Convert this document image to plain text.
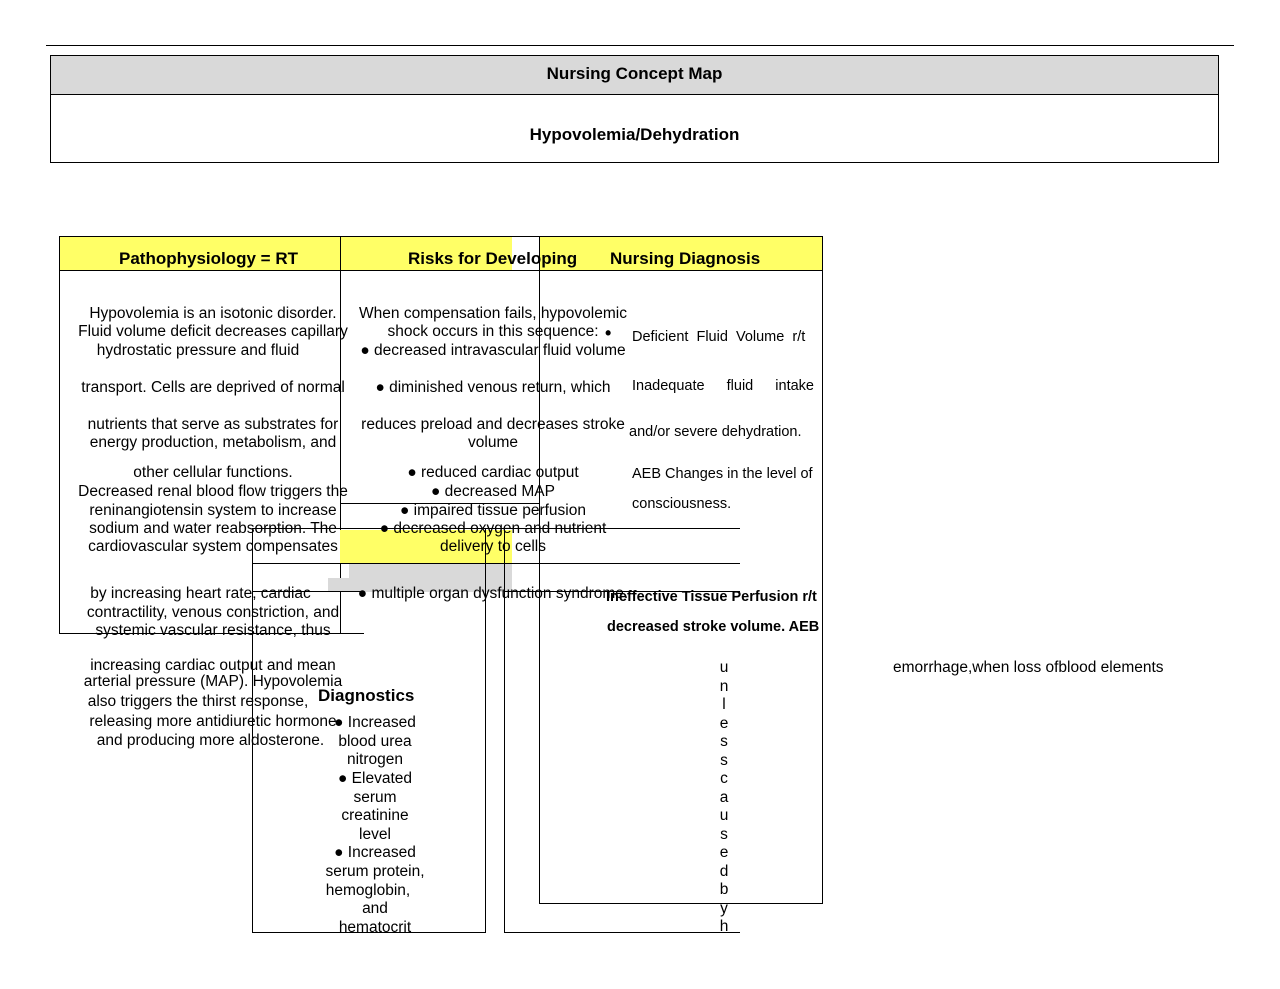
Nursing Concept Map
Hypovolemia/Dehydration
Pathophysiology = RT	Risks for Developing Nursing Diagnosis
Hypovolemia is an isotonic disorder.
Fluid volume deficit decreases capillary
hydrostatic pressure and fluid
transport. Cells are deprived of normal
nutrients that serve as substrates for
energy production, metabolism, and
other cellular functions.
Decreased renal blood flow triggers the
reninangiotensin system to increase
sodium and water reabsorption. The
cardiovascular system compensates
by increasing heart rate, cardiac
contractility, venous constriction, and
systemic vascular resistance, thus
increasing cardiac output and mean
arterial pressure (MAP). Hypovolemia
also triggers the thirst response,
releasing more antidiuretic hormone
and producing more aldosterone.
When compensation fails, hypovolemic
shock occurs in this sequence:
● decreased intravascular fluid volume
● diminished venous return, which
reduces preload and decreases stroke
volume
● reduced cardiac output
● decreased MAP
● impaired tissue perfusion
● decreased oxygen and nutrient
delivery to cells
● multiple organ dysfunction syndrome.
• Deficient  Fluid  Volume  r/t
Inadequate fluid intake
and/or severe dehydration.
AEB Changes in the level of
consciousness.
Ineffective Tissue Perfusion r/t
decreased stroke volume. AEB
u
n
l
e
s
s
c
a
u
s
e
d
b
y
h
emorrhage,when loss ofblood elements
Diagnostics
● Increased
blood urea
nitrogen
● Elevated
serum
creatinine
level
● Increased
serum protein,
hemoglobin,
and
hematocrit
